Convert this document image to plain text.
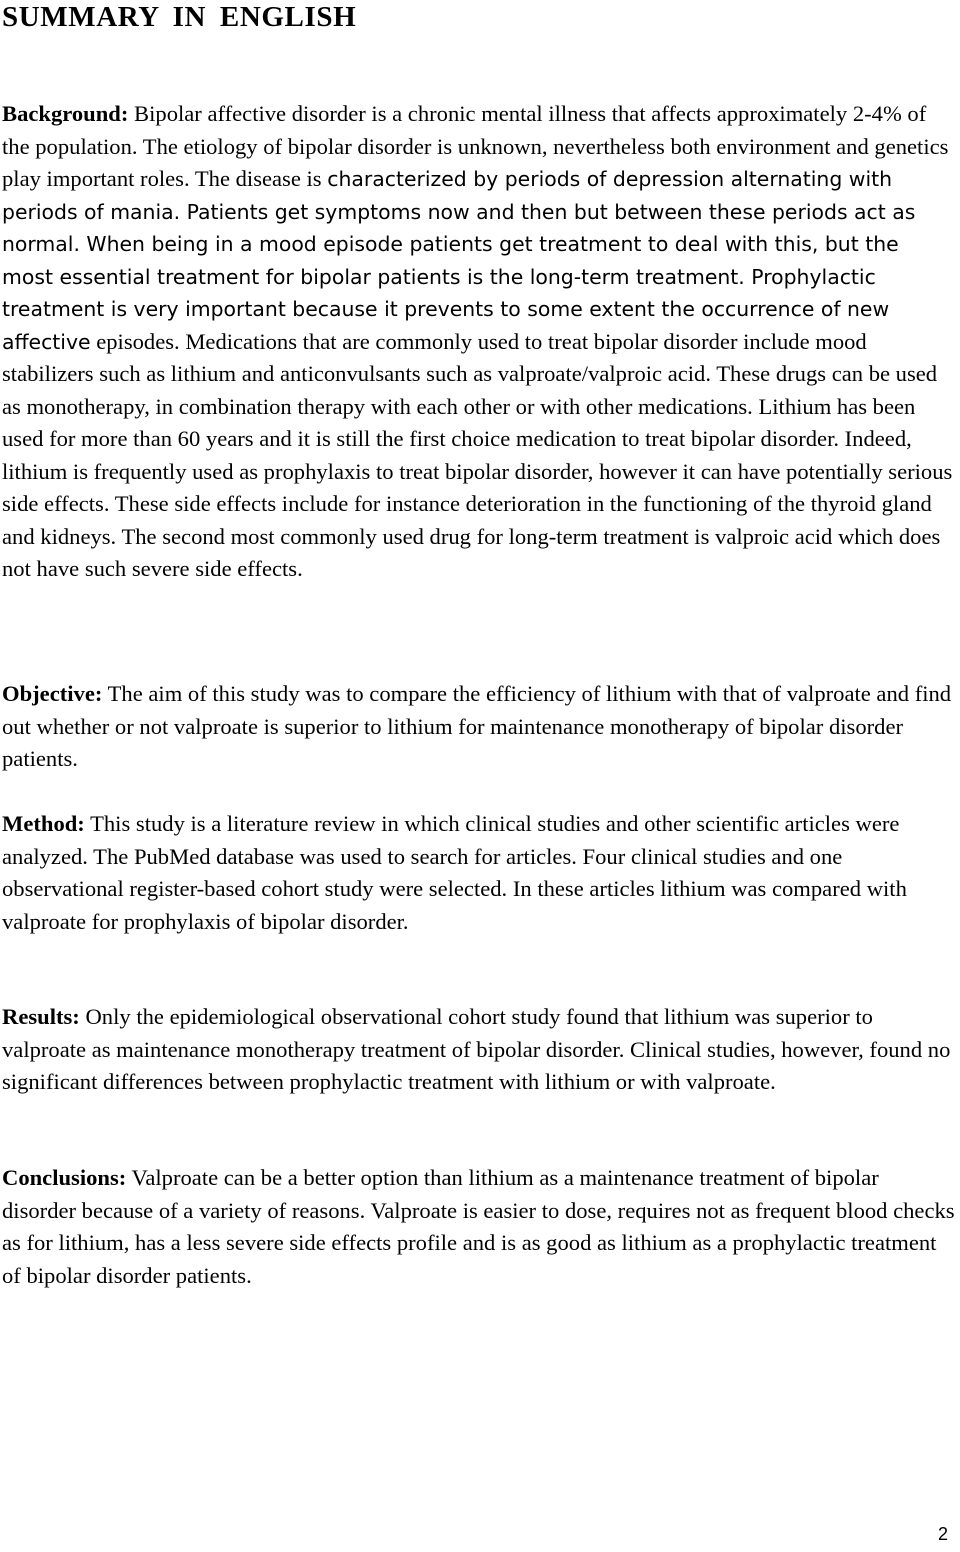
SUMMARY IN ENGLISH

Background: Bipolar affective disorder is a chronic mental illness that affects approximately 2-4% of the population. The etiology of bipolar disorder is unknown, nevertheless both environment and genetics play important roles. The disease is characterized by periods of depression alternating with periods of mania. Patients get symptoms now and then but between these periods act as normal. When being in a mood episode patients get treatment to deal with this, but the most essential treatment for bipolar patients is the long-term treatment. Prophylactic treatment is very important because it prevents to some extent the occurrence of new affective episodes. Medications that are commonly used to treat bipolar disorder include mood stabilizers such as lithium and anticonvulsants such as valproate/valproic acid. These drugs can be used as monotherapy, in combination therapy with each other or with other medications. Lithium has been used for more than 60 years and it is still the first choice medication to treat bipolar disorder. Indeed, lithium is frequently used as prophylaxis to treat bipolar disorder, however it can have potentially serious side effects. These side effects include for instance deterioration in the functioning of the thyroid gland and kidneys. The second most commonly used drug for long-term treatment is valproic acid which does not have such severe side effects.

Objective: The aim of this study was to compare the efficiency of lithium with that of valproate and find out whether or not valproate is superior to lithium for maintenance monotherapy of bipolar disorder patients.

Method: This study is a literature review in which clinical studies and other scientific articles were analyzed. The PubMed database was used to search for articles. Four clinical studies and one observational register-based cohort study were selected. In these articles lithium was compared with valproate for prophylaxis of bipolar disorder.

Results: Only the epidemiological observational cohort study found that lithium was superior to valproate as maintenance monotherapy treatment of bipolar disorder. Clinical studies, however, found no significant differences between prophylactic treatment with lithium or with valproate.

Conclusions: Valproate can be a better option than lithium as a maintenance treatment of bipolar disorder because of a variety of reasons. Valproate is easier to dose, requires not as frequent blood checks as for lithium, has a less severe side effects profile and is as good as lithium as a prophylactic treatment of bipolar disorder patients.

2
